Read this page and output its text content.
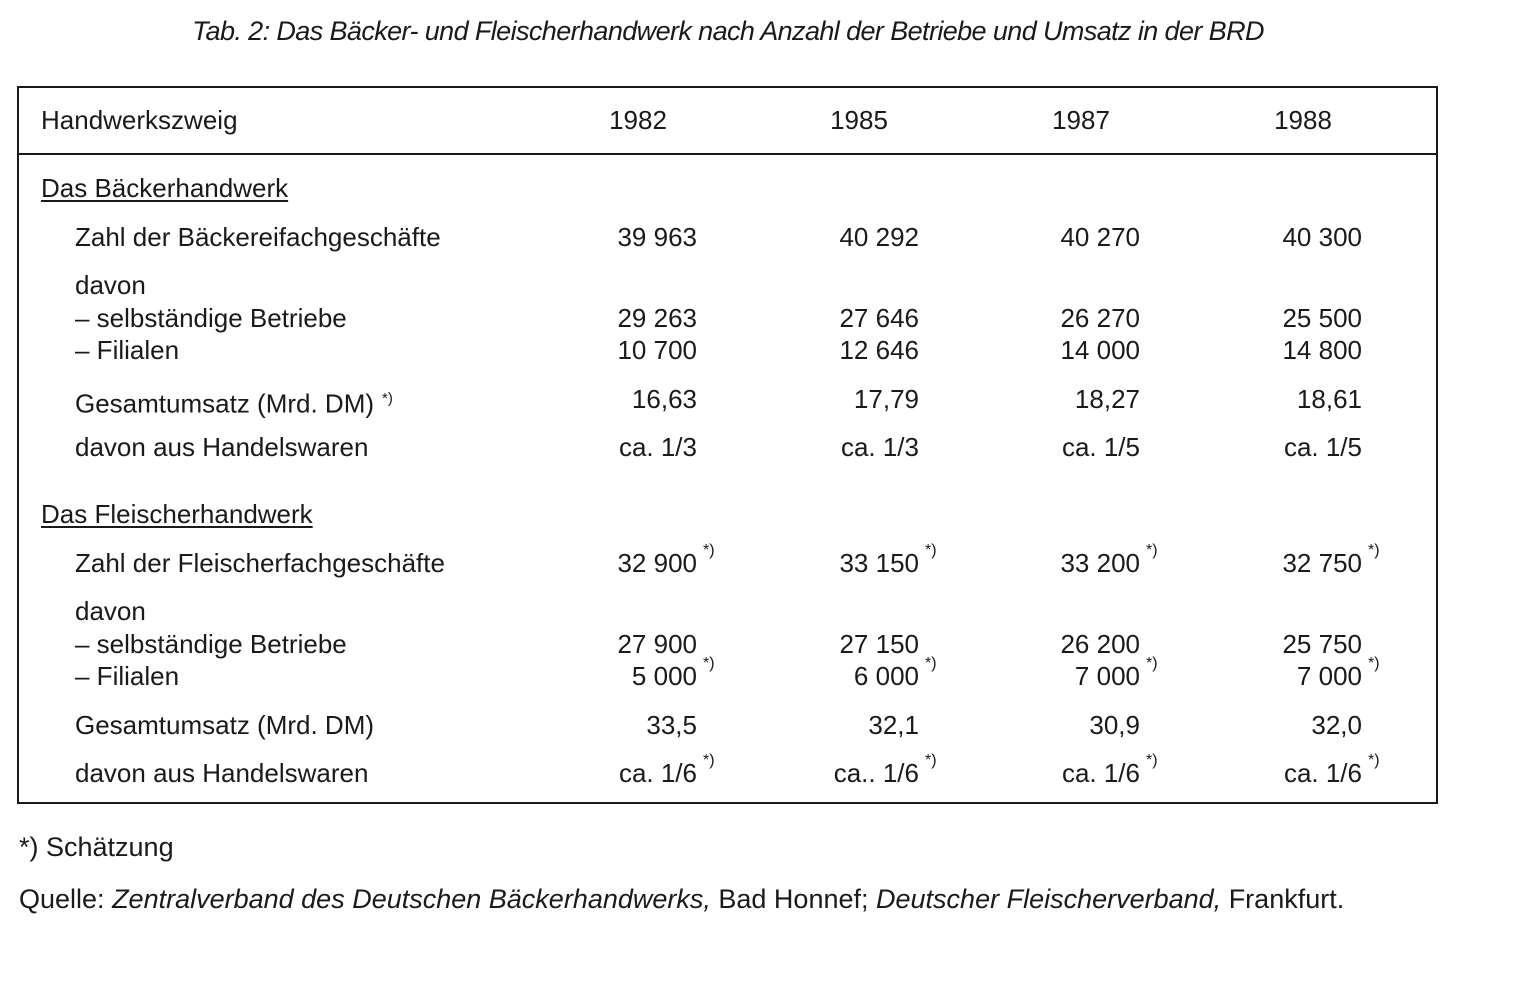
Tab. 2: Das Bäcker- und Fleischerhandwerk nach Anzahl der Betriebe und Umsatz in der BRD
Handwerkszweig	1982	1985	1987	1988
Das Bäckerhandwerk
Zahl der Bäckereifachgeschäfte	39 963	40 292	40 270	40 300
davon
– selbständige Betriebe	29 263	27 646	26 270	25 500
– Filialen	10 700	12 646	14 000	14 800
Gesamtumsatz (Mrd. DM) *)	16,63	17,79	18,27	18,61
davon aus Handelswaren	ca. 1/3	ca. 1/3	ca. 1/5	ca. 1/5
Das Fleischerhandwerk
Zahl der Fleischerfachgeschäfte	32 900 *)	33 150 *)	33 200 *)	32 750 *)
davon
– selbständige Betriebe	27 900	27 150	26 200	25 750
– Filialen	5 000 *)	6 000 *)	7 000 *)	7 000 *)
Gesamtumsatz (Mrd. DM)	33,5	32,1	30,9	32,0
davon aus Handelswaren	ca. 1/6 *)	ca.. 1/6 *)	ca. 1/6 *)	ca. 1/6 *)
*) Schätzung
Quelle: Zentralverband des Deutschen Bäckerhandwerks, Bad Honnef; Deutscher Fleischerverband, Frankfurt.
